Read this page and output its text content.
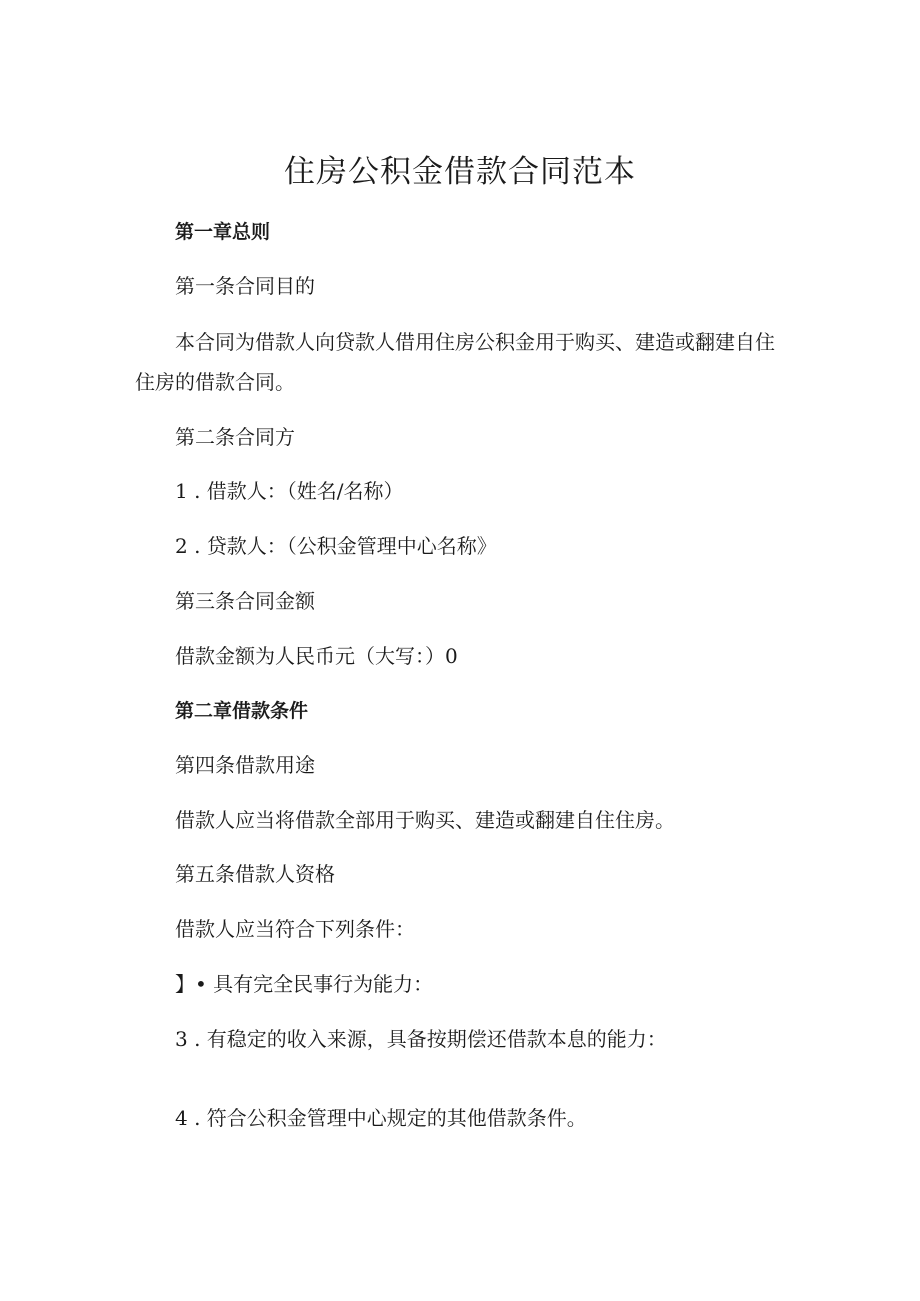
住房公积金借款合同范本

第一章总则

第一条合同目的

本合同为借款人向贷款人借用住房公积金用于购买、建造或翻建自住住房的借款合同。

第二条合同方

1 . 借款人：（姓名/名称）

2 . 贷款人：（公积金管理中心名称》

第三条合同金额

借款金额为人民币元（大写：）0

第二章借款条件

第四条借款用途

借款人应当将借款全部用于购买、建造或翻建自住住房。

第五条借款人资格

借款人应当符合下列条件：

】• 具有完全民事行为能力：

3 . 有稳定的收入来源，具备按期偿还借款本息的能力：

4 . 符合公积金管理中心规定的其他借款条件。
